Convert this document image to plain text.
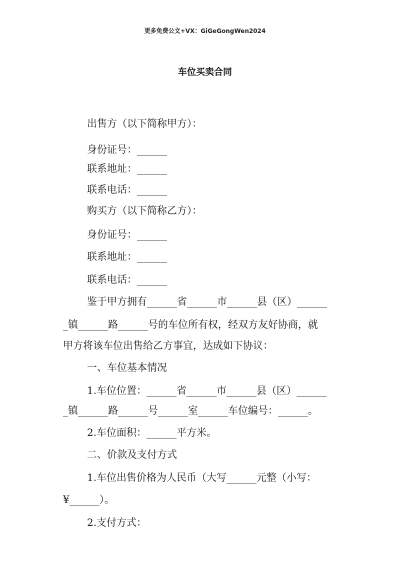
更多免费公文+VX：GiGeGongWen2024
车位买卖合同
出售方（以下简称甲方）：
身份证号：______
联系地址：______
联系电话：______
购买方（以下简称乙方）：
身份证号：______
联系地址：______
联系电话：______
鉴于甲方拥有______省______市______县（区）______
_镇______路______号的车位所有权，经双方友好协商，就
甲方将该车位出售给乙方事宜，达成如下协议：
一、车位基本情况
1.车位位置：______省______市______县（区）______
_镇______路______号______室______车位编号：______。
2.车位面积：______平方米。
二、价款及支付方式
1.车位出售价格为人民币（大写______元整（小写：
¥______）。
2.支付方式：
